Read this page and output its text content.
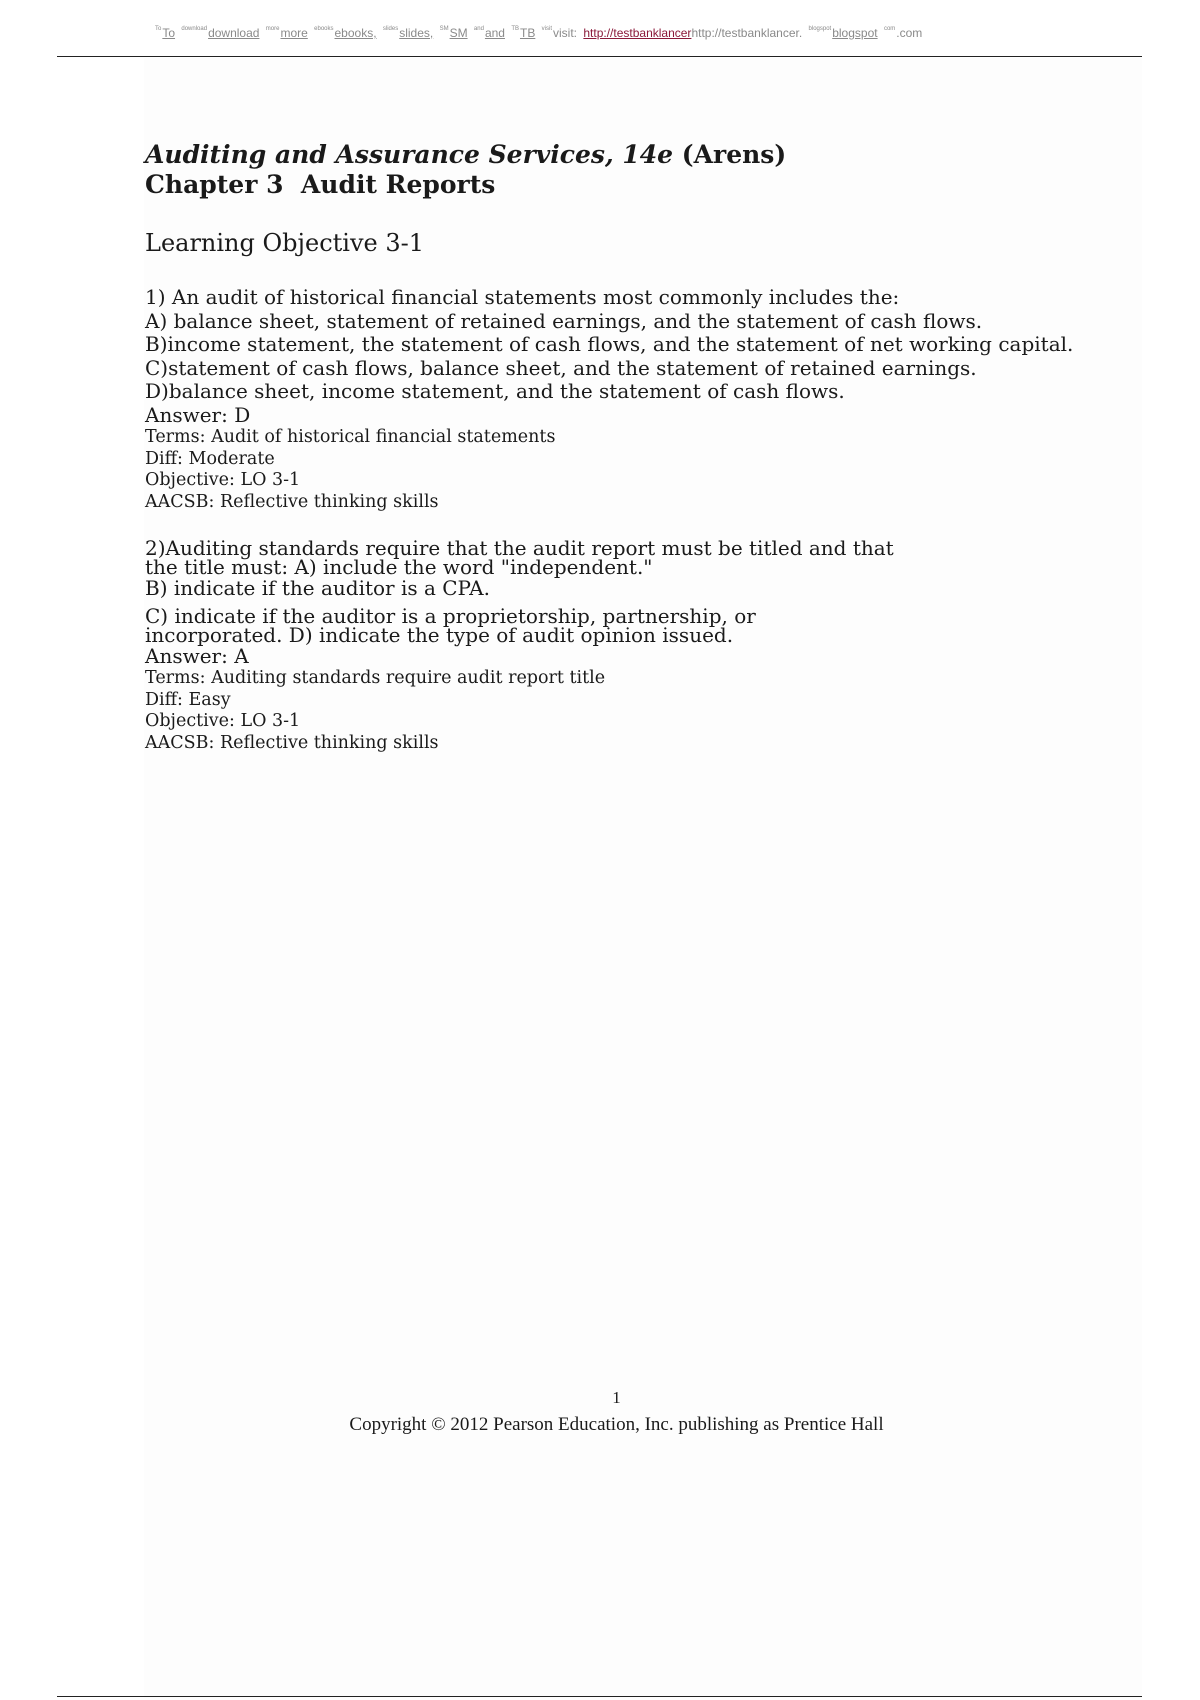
$^{To}$To $^{download}$download $^{more}$more $^{ebooks}$ebooks, $^{slides}$slides, ℠SM $^{and}$and $^{TB}$TB $^{visit}$visit: http://testbanklancerhttp://testbanklancer. $^{blogspot}$blogspot $^{com}$.com

Auditing and Assurance Services, 14e (Arens)

Chapter 3  Audit Reports

Learning Objective 3-1

1) An audit of historical financial statements most commonly includes the:

A) balance sheet, statement of retained earnings, and the statement of cash flows.

B)income statement, the statement of cash flows, and the statement of net working capital.

C)statement of cash flows, balance sheet, and the statement of retained earnings.

D)balance sheet, income statement, and the statement of cash flows.

Answer: D

Terms: Audit of historical financial statements

Diff: Moderate

Objective: LO 3-1

AACSB: Reflective thinking skills

2)Auditing standards require that the audit report must be titled and that

the title must: A) include the word "independent."

B) indicate if the auditor is a CPA.

C) indicate if the auditor is a proprietorship, partnership, or

incorporated. D) indicate the type of audit opinion issued.

Answer: A

Terms: Auditing standards require audit report title

Diff: Easy

Objective: LO 3-1

AACSB: Reflective thinking skills

1
Copyright © 2012 Pearson Education, Inc. publishing as Prentice Hall
